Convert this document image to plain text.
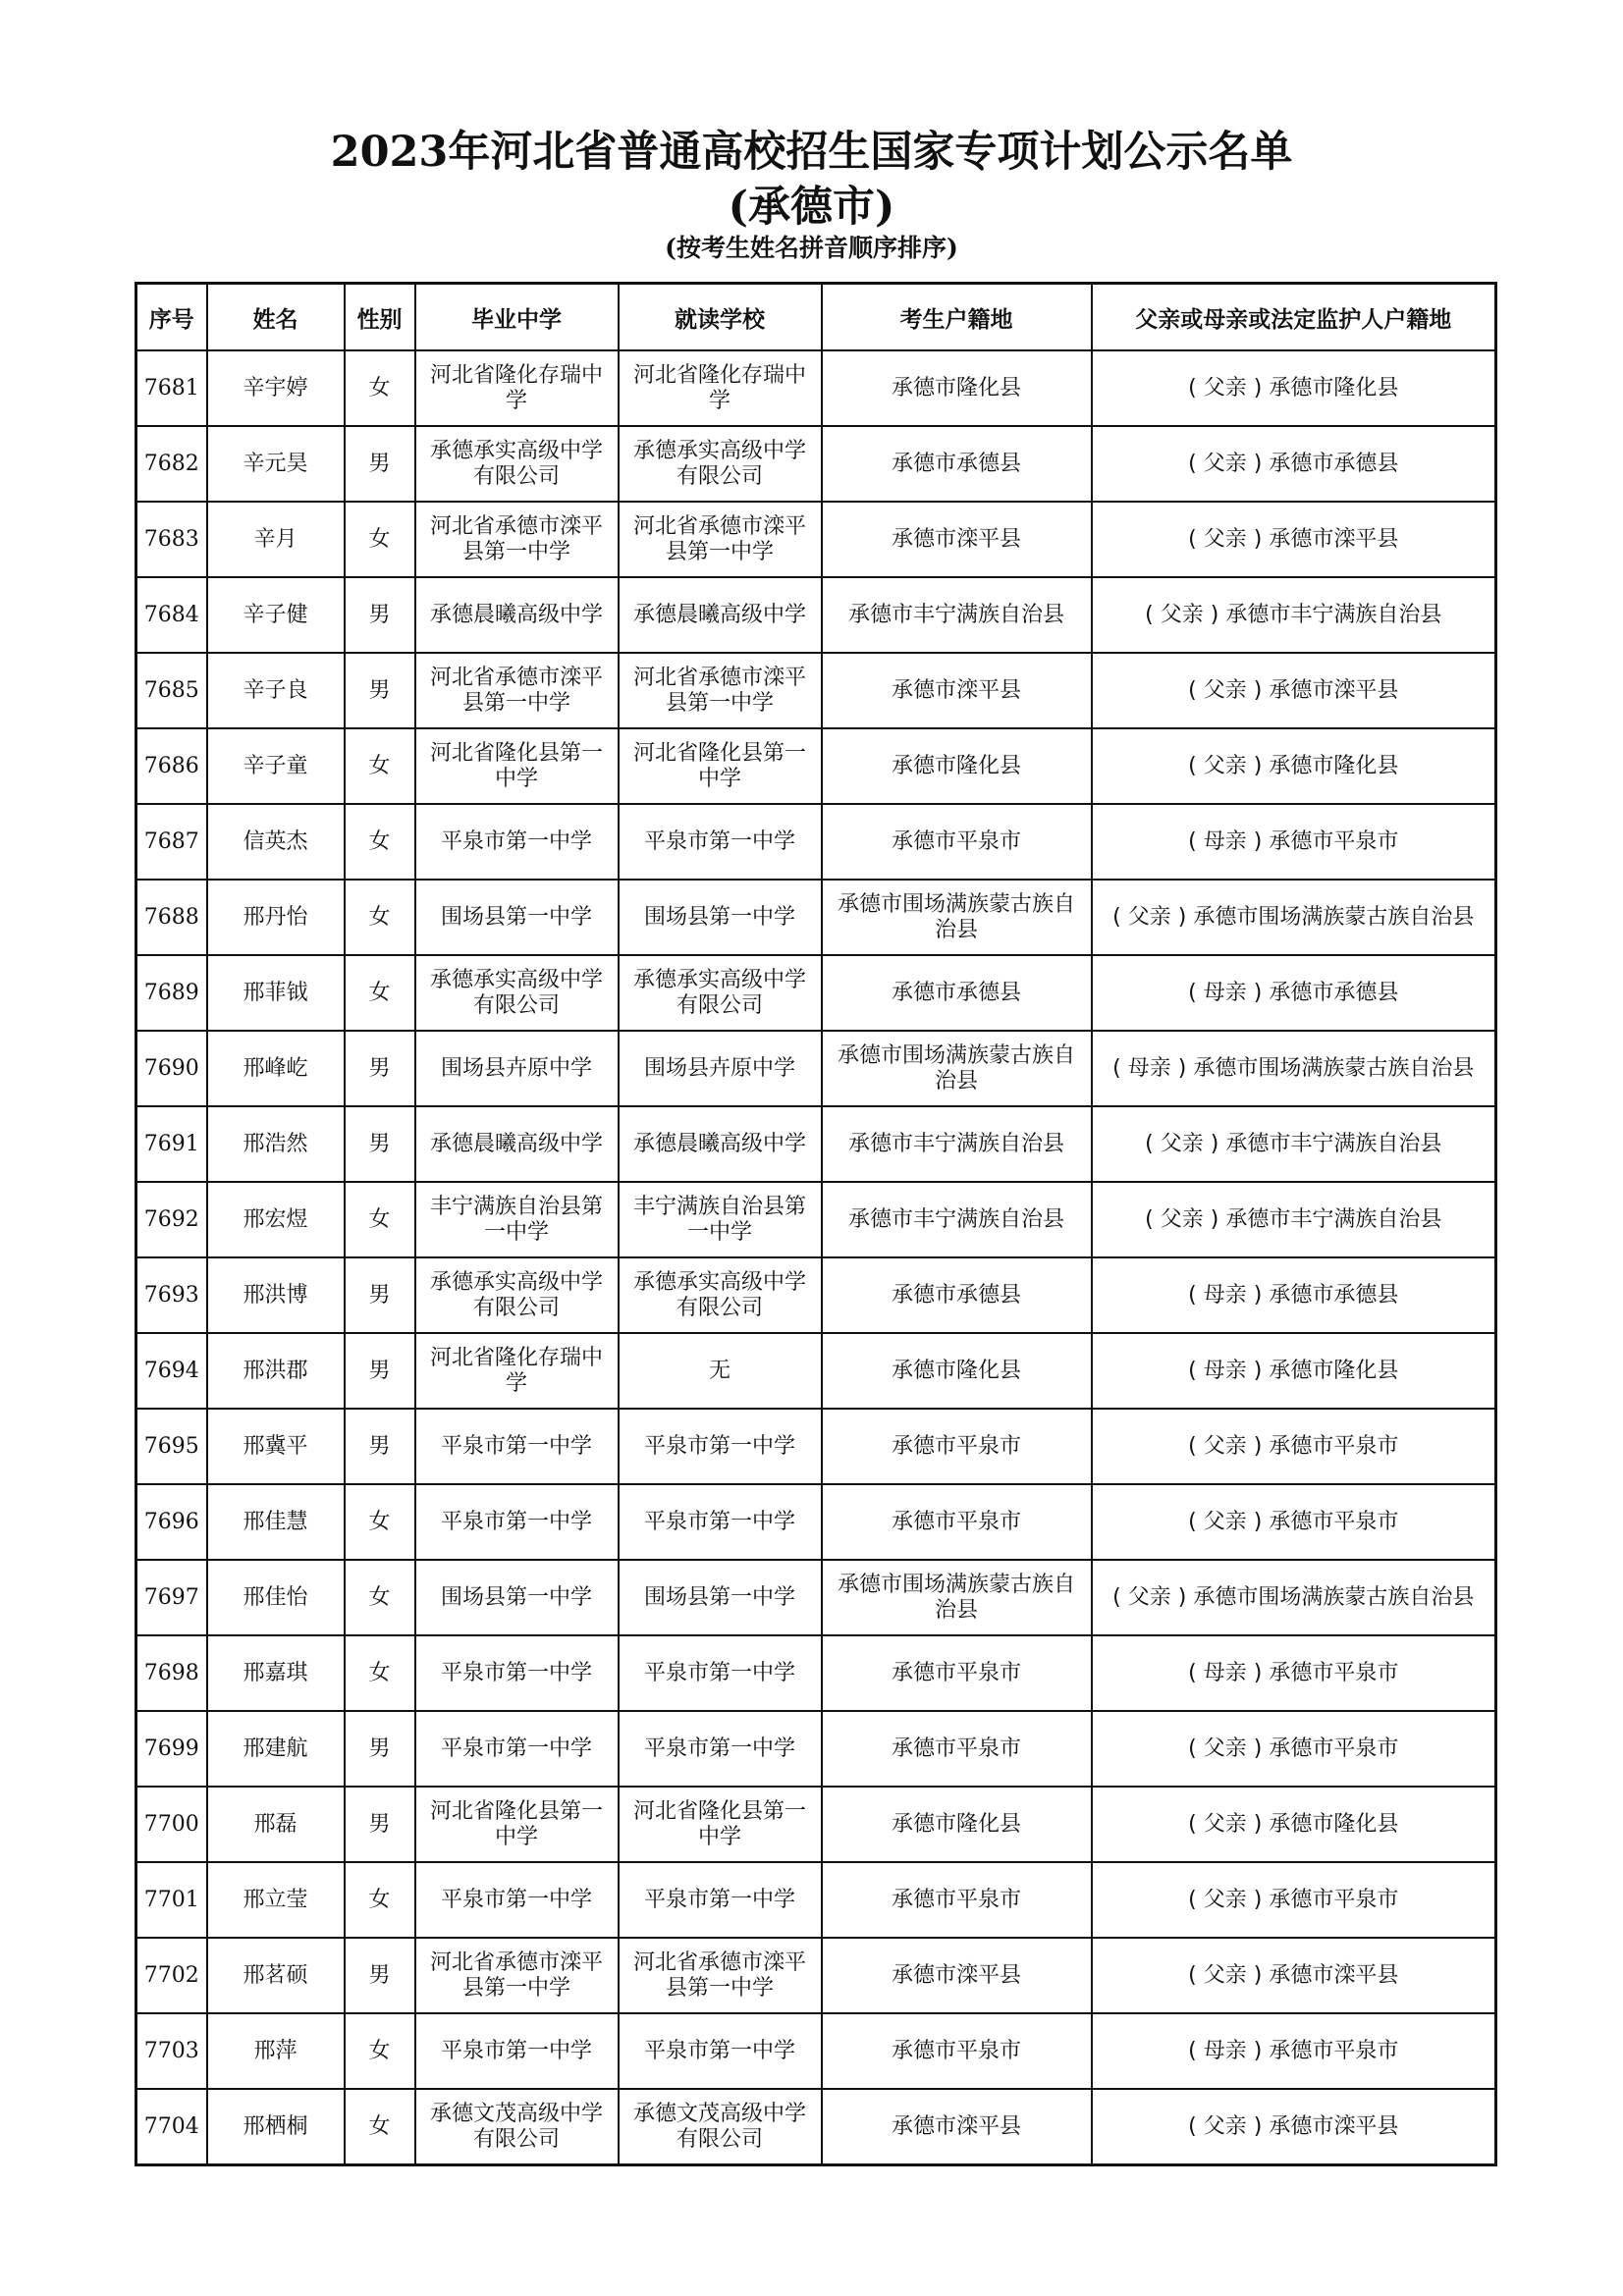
2023年河北省普通高校招生国家专项计划公示名单
(承德市)
(按考生姓名拼音顺序排序)
序号	姓名	性别	毕业中学	就读学校	考生户籍地	父亲或母亲或法定监护人户籍地
7681	辛宇婷	女	河北省隆化存瑞中学	河北省隆化存瑞中学	承德市隆化县	( 父亲 ) 承德市隆化县
7682	辛元昊	男	承德承实高级中学有限公司	承德承实高级中学有限公司	承德市承德县	( 父亲 ) 承德市承德县
7683	辛月	女	河北省承德市滦平县第一中学	河北省承德市滦平县第一中学	承德市滦平县	( 父亲 ) 承德市滦平县
7684	辛子健	男	承德晨曦高级中学	承德晨曦高级中学	承德市丰宁满族自治县	( 父亲 ) 承德市丰宁满族自治县
7685	辛子良	男	河北省承德市滦平县第一中学	河北省承德市滦平县第一中学	承德市滦平县	( 父亲 ) 承德市滦平县
7686	辛子童	女	河北省隆化县第一中学	河北省隆化县第一中学	承德市隆化县	( 父亲 ) 承德市隆化县
7687	信英杰	女	平泉市第一中学	平泉市第一中学	承德市平泉市	( 母亲 ) 承德市平泉市
7688	邢丹怡	女	围场县第一中学	围场县第一中学	承德市围场满族蒙古族自治县	( 父亲 ) 承德市围场满族蒙古族自治县
7689	邢菲钺	女	承德承实高级中学有限公司	承德承实高级中学有限公司	承德市承德县	( 母亲 ) 承德市承德县
7690	邢峰屹	男	围场县卉原中学	围场县卉原中学	承德市围场满族蒙古族自治县	( 母亲 ) 承德市围场满族蒙古族自治县
7691	邢浩然	男	承德晨曦高级中学	承德晨曦高级中学	承德市丰宁满族自治县	( 父亲 ) 承德市丰宁满族自治县
7692	邢宏煜	女	丰宁满族自治县第一中学	丰宁满族自治县第一中学	承德市丰宁满族自治县	( 父亲 ) 承德市丰宁满族自治县
7693	邢洪博	男	承德承实高级中学有限公司	承德承实高级中学有限公司	承德市承德县	( 母亲 ) 承德市承德县
7694	邢洪郡	男	河北省隆化存瑞中学	无	承德市隆化县	( 母亲 ) 承德市隆化县
7695	邢冀平	男	平泉市第一中学	平泉市第一中学	承德市平泉市	( 父亲 ) 承德市平泉市
7696	邢佳慧	女	平泉市第一中学	平泉市第一中学	承德市平泉市	( 父亲 ) 承德市平泉市
7697	邢佳怡	女	围场县第一中学	围场县第一中学	承德市围场满族蒙古族自治县	( 父亲 ) 承德市围场满族蒙古族自治县
7698	邢嘉琪	女	平泉市第一中学	平泉市第一中学	承德市平泉市	( 母亲 ) 承德市平泉市
7699	邢建航	男	平泉市第一中学	平泉市第一中学	承德市平泉市	( 父亲 ) 承德市平泉市
7700	邢磊	男	河北省隆化县第一中学	河北省隆化县第一中学	承德市隆化县	( 父亲 ) 承德市隆化县
7701	邢立莹	女	平泉市第一中学	平泉市第一中学	承德市平泉市	( 父亲 ) 承德市平泉市
7702	邢茗硕	男	河北省承德市滦平县第一中学	河北省承德市滦平县第一中学	承德市滦平县	( 父亲 ) 承德市滦平县
7703	邢萍	女	平泉市第一中学	平泉市第一中学	承德市平泉市	( 母亲 ) 承德市平泉市
7704	邢栖桐	女	承德文茂高级中学有限公司	承德文茂高级中学有限公司	承德市滦平县	( 父亲 ) 承德市滦平县
